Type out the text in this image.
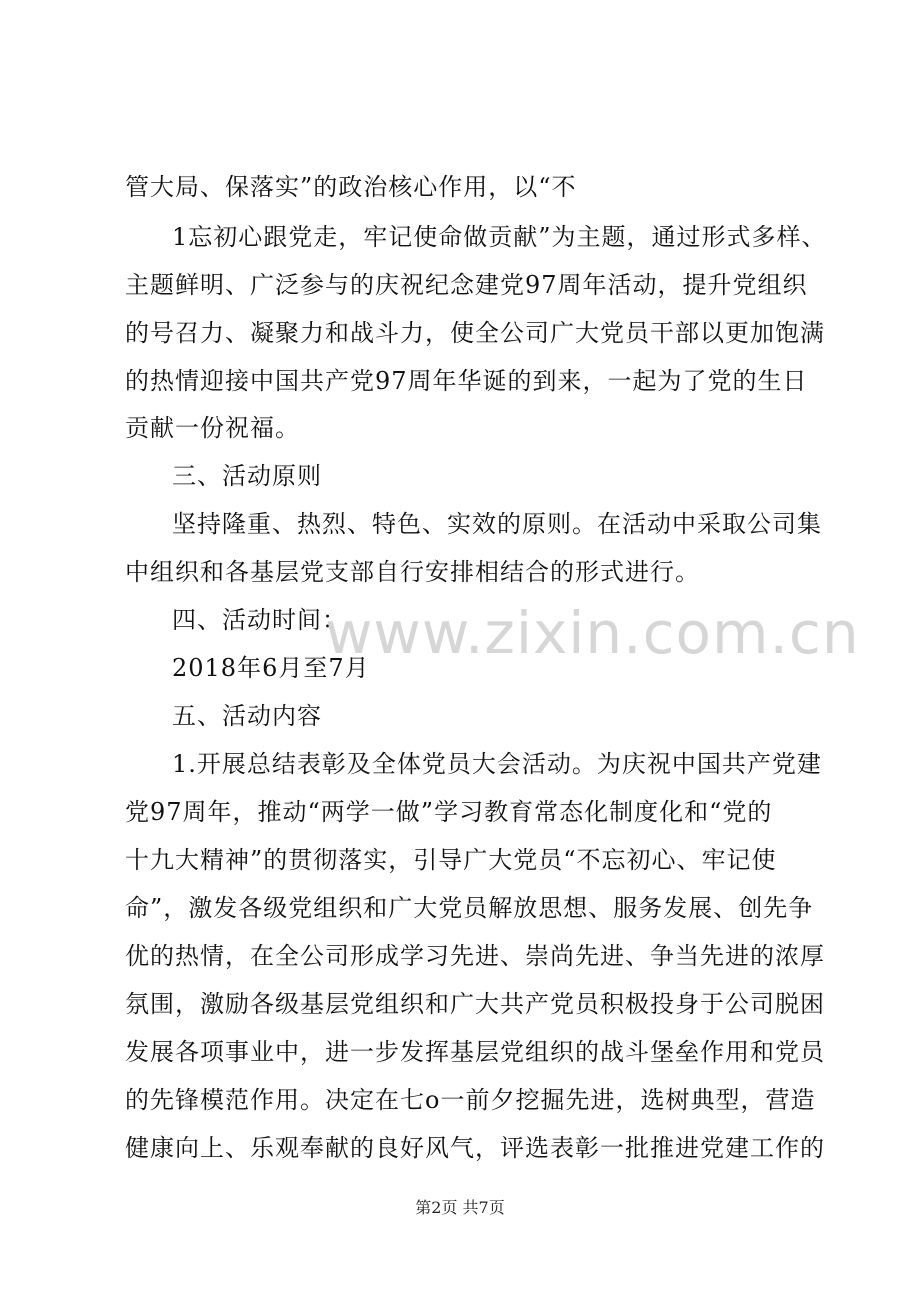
管大局、保落实”的政治核心作用，以“不
1忘初心跟党走，牢记使命做贡献”为主题，通过形式多样、
主题鲜明、广泛参与的庆祝纪念建党97周年活动，提升党组织
的号召力、凝聚力和战斗力，使全公司广大党员干部以更加饱满
的热情迎接中国共产党97周年华诞的到来，一起为了党的生日
贡献一份祝福。
三、活动原则
坚持隆重、热烈、特色、实效的原则。在活动中采取公司集
中组织和各基层党支部自行安排相结合的形式进行。
四、活动时间：
2018年6月至7月
五、活动内容
1.开展总结表彰及全体党员大会活动。为庆祝中国共产党建
党97周年，推动“两学一做”学习教育常态化制度化和“党的
十九大精神”的贯彻落实，引导广大党员“不忘初心、牢记使
命”，激发各级党组织和广大党员解放思想、服务发展、创先争
优的热情，在全公司形成学习先进、崇尚先进、争当先进的浓厚
氛围，激励各级基层党组织和广大共产党员积极投身于公司脱困
发展各项事业中，进一步发挥基层党组织的战斗堡垒作用和党员
的先锋模范作用。决定在七o一前夕挖掘先进，选树典型，营造
健康向上、乐观奉献的良好风气，评选表彰一批推进党建工作的
www.zixin.com.cn
第2页 共7页
